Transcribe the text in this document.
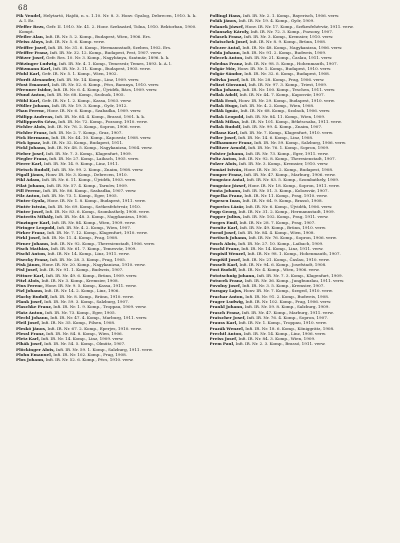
68
Pik Vendel, Helytartó, Hajdú, n. s. 1.10. Nr. 8. 3. Honv. Gyalog, Debrecen, 1910. k. k. A. l. Ez.
Pfeffer Rezs, Gefr. II. 1910. Nr. 41. 2. Honv. Szekszárd, Tolna, 1910. Rektorban, 1900. Kompt.
Pfeiler Alan, Infi. IR. Nr. 5. 2. Komp., Budapest, Wien, 1906. Ers.
Pfeiss Aloys, Infi. IR. Nr. 5. 6. Komp. verw.
Pfeiffer Jozef, Infi. IR. Nr. 31. 6. Komp., Hermannstadt, Szeben, 1902. Ers.
Pfeiffer Franz, Infi. IR. Nr. 32. 12. Komp., Budapest, Pest, 1907. verw.
Pfitzer Josef, Gefr. Res. 10. Nr. 3. Komp., Nagybánya, Szatmár, 1896. k. k.
Pfitzinger Ludwig, Infi. IR. Nr. 4. 1. Komp., Temesvár, Temes, 1893. k. A. l.
Pfitzmann Karl, Infi. IR. Nr. 3. 11. Komp., Budapest, 1905. verw.
Pfohl Karl, Gefr. IR. Nr. 5. 1. Komp., Wien, 1902.
Pfordt Alexander, Infi. IR. Nr. 14. Komp., Linz, 1909. verw.
Pfost Emanuel, Infi. IR. Nr. 52. 6. Komp., Pécs, Baranya, 1910. verw.
Pfreuner Isidor, Infi. IR. Nr. 6. 4. Komp., Újvidék, Bács, 1909. verw.
Pfund Anton, Infi. IR. Nr. 68. Komp., Szolnok, 1905.
Pföhl Karl, Gefr. IR. Nr. 1. 2. Komp., Kassa, 1903. verw.
Pfüller Johann, Infi. IR. Nr. 19. 3. Komp., Győr, 1912.
Phan Ferenc, Honv. IR. Nr. 6. Komp., Szabadka, 1909. verw.
Philipp Andreas, Infi. IR. Nr. 64. 4. Komp., Brassó, 1901. k. k.
Philippovits Géza, Infi. IR. Nr. 72. Komp., Pozsony, 1910. verw.
Pichler Alois, Infi. IR. Nr. 76. 2. Komp., Sopron, 1906. verw.
Pichler Franz, Infi. IR. Nr. 2. 7. Komp., Graz, 1907.
Pick Hermann, Infi. IR. Nr. 44. 10. Komp., Kaposvár, 1908. verw.
Pick Ignaz, Infi. IR. Nr. 32. Komp., Budapest, 1911.
Pickl Johann, Infi. IR. Nr. 48. 5. Komp., Nagykanizsa, 1904. verw.
Pieber Josef, Infi. IR. Nr. 7. 3. Komp., Klagenfurt, 1909.
Piegler Franz, Infi. IR. Nr. 27. Komp., Laibach, 1905. verw.
Pierer Karl, Infi. IR. Nr. 14. 9. Komp., Linz, 1911.
Pietsch Rudolf, Infi. IR. Nr. 99. 2. Komp., Znaim, 1908. verw.
Pigall János, Honv. IR. Nr. 3. Komp., Debrecen, 1910.
Pikl Adam, Infi. IR. Nr. 6. 11. Komp., Újvidék, 1903. verw.
Pilat Johann, Infi. IR. Nr. 57. 4. Komp., Tarnów, 1909.
Pill Ferenc, Infi. IR. Nr. 86. Komp., Szabadka, 1907. verw.
Pilz Anton, Infi. IR. Nr. 73. 1. Komp., Eger, 1905.
Pinter Gyula, Honv. IR. Nr. 1. 8. Komp., Budapest, 1911. verw.
Pintér István, Infi. IR. Nr. 69. Komp., Székesfehérvár, 1910.
Pinter Josef, Infi. IR. Nr. 83. 6. Komp., Szombathely, 1908. verw.
Pinterits Mihály, Infi. IR. Nr. 48. 3. Komp., Nagykanizsa, 1906.
Pinzinger Karl, Infi. IR. Nr. 84. Komp., Wien, 1909. verw.
Piringer Leopold, Infi. IR. Nr. 4. 2. Komp., Wien, 1907.
Pirker Franz, Infi. IR. Nr. 7. 12. Komp., Klagenfurt, 1910. verw.
Pirkl Josef, Infi. IR. Nr. 11. 4. Komp., Prag, 1908.
Pirner Johann, Infi. IR. Nr. 92. Komp., Theresienstadt, 1906. verw.
Pisch Mathias, Infi. IR. Nr. 61. 7. Komp., Temesvár, 1909.
Pischl Anton, Infi. IR. Nr. 14. Komp., Linz, 1911. verw.
Pisecky Franz, Infi. IR. Nr. 28. 3. Komp., Prag, 1905.
Pisk János, Honv. IR. Nr. 20. Komp., Nagykanizsa, 1910. verw.
Pisl Josef, Infi. IR. Nr. 91. 1. Komp., Budweis, 1907.
Pittner Karl, Infi. IR. Nr. 49. 6. Komp., Brünn, 1909. verw.
Pitzl Alois, Infi. IR. Nr. 3. Komp., Kremsier, 1908.
Pius Ferenc, Honv. IR. Nr. 9. 5. Komp., Kassa, 1911. verw.
Pizl Johann, Infi. IR. Nr. 14. 2. Komp., Linz, 1906.
Plachy Rudolf, Infi. IR. Nr. 8. Komp., Brünn, 1910. verw.
Plank Josef, Infi. IR. Nr. 59. 3. Komp., Salzburg, 1907.
Plaschke Franz, Infi. IR. Nr. 1. 9. Komp., Troppau, 1909. verw.
Platz Anton, Infi. IR. Nr. 73. Komp., Eger, 1905.
Plechl Johann, Infi. IR. Nr. 47. 4. Komp., Marburg, 1911. verw.
Pleil Josef, Infi. IR. Nr. 35. Komp., Pilsen, 1908.
Pleskó János, Infi. IR. Nr. 67. 2. Komp., Eperjes, 1910. verw.
Plessl Franz, Infi. IR. Nr. 84. 8. Komp., Wien, 1906.
Pletz Karl, Infi. IR. Nr. 14. Komp., Linz, 1909. verw.
Plhák Josef, Infi. IR. Nr. 54. 5. Komp., Olmütz, 1907.
Plöckinger Alois, Infi. IR. Nr. 59. 1. Komp., Salzburg, 1911. verw.
Plohn Emanuel, Infi. IR. Nr. 102. Komp., Prag, 1908.
Plos Johann, Infi. IR. Nr. 52. 6. Komp., Pécs, 1910. verw.
Pollingl Hans, Infi. IR. Nr. 2. 1. Komp., Bayerisch, 1906. verw.
Polák János, Infi. IR. Nr. 19. 4. Komp., Győr, 1909.
Polanek József, Honv. IR. Nr. 17. Komp., Székesfehérvár, 1911. verw.
Polanszky Károly, Infi. IR. Nr. 72. 3. Komp., Pozsony, 1907.
Polasek Franz, Infi. IR. Nr. 3. Komp., Kremsier, 1910. verw.
Polatschek Josef, Infi. IR. Nr. 8. 9. Komp., Brünn, 1908.
Polczer Antal, Infi. IR. Nr. 48. Komp., Nagykanizsa, 1906. verw.
Polda Johann, Infi. IR. Nr. 91. 2. Komp., Budweis, 1909.
Polecek Anton, Infi. IR. Nr. 21. Komp., Časlau, 1911. verw.
Poledna Franz, Infi. IR. Nr. 98. 5. Komp., Hohenmauth, 1907.
Polgár Mór, Honv. IR. Nr. 1. Komp., Budapest, 1910. verw.
Polgár Sándor, Infi. IR. Nr. 32. 6. Komp., Budapest, 1908.
Polivka Josef, Infi. IR. Nr. 28. Komp., Prag, 1906. verw.
Polizzi Giovanni, Infi. IR. Nr. 97. 3. Komp., Triest, 1909.
Polka Johann, Infi. IR. Nr. 100. Komp., Teschen, 1911. verw.
Pollak Adolf, Infi. IR. Nr. 44. 7. Komp., Kaposvár, 1907.
Pollák Ernő, Honv. IR. Nr. 29. Komp., Budapest, 1910. verw.
Pollak Hugo, Infi. IR. Nr. 4. 2. Komp., Wien, 1908.
Pollák Ignác, Infi. IR. Nr. 68. Komp., Szolnok, 1906. verw.
Pollak Leopold, Infi. IR. Nr. 84. 11. Komp., Wien, 1909.
Pollák Miksa, Infi. IR. Nr. 101. Komp., Békéscsaba, 1911. verw.
Pollak Rudolf, Infi. IR. Nr. 99. 4. Komp., Znaim, 1907.
Pollanz Karl, Infi. IR. Nr. 7. Komp., Klagenfurt, 1910. verw.
Poller Josef, Infi. IR. Nr. 14. 6. Komp., Linz, 1908.
Pollhammer Franz, Infi. IR. Nr. 59. Komp., Salzburg, 1906. verw.
Pollitzer Arnold, Infi. IR. Nr. 76. 1. Komp., Sopron, 1909.
Polster Johann, Infi. IR. Nr. 73. Komp., Eger, 1911. verw.
Poltz Anton, Infi. IR. Nr. 92. 8. Komp., Theresienstadt, 1907.
Polzer Alois, Infi. IR. Nr. 3. Komp., Kremsier, 1910. verw.
Pomázi István, Honv. IR. Nr. 30. 2. Komp., Budapest, 1908.
Pomper Franz, Infi. IR. Nr. 47. Komp., Marburg, 1906. verw.
Pongrácz Antal, Infi. IR. Nr. 83. 5. Komp., Szombathely, 1909.
Pongrácz József, Honv. IR. Nr. 18. Komp., Sopron, 1911. verw.
Ponta Johann, Infi. IR. Nr. 51. 3. Komp., Kolozsvár, 1907.
Popelka Franz, Infi. IR. Nr. 11. Komp., Prag, 1910. verw.
Popescu Ioan, Infi. IR. Nr. 64. 9. Komp., Brassó, 1908.
Popovics Lázár, Infi. IR. Nr. 6. Komp., Újvidék, 1906. verw.
Popp Georg, Infi. IR. Nr. 31. 2. Komp., Hermannstadt, 1909.
Popper Julius, Infi. IR. Nr. 102. Komp., Prag, 1911. verw.
Porges Emil, Infi. IR. Nr. 28. 7. Komp., Prag, 1907.
Pornitz Karl, Infi. IR. Nr. 49. Komp., Brünn, 1910. verw.
Porod Josef, Infi. IR. Nr. 84. 4. Komp., Wien, 1908.
Portisch Johann, Infi. IR. Nr. 76. Komp., Sopron, 1906. verw.
Posch Alois, Infi. IR. Nr. 27. 10. Komp., Laibach, 1909.
Poschl Franz, Infi. IR. Nr. 14. Komp., Linz, 1911. verw.
Pospisil Wenzel, Infi. IR. Nr. 98. 1. Komp., Hohenmauth, 1907.
Pospíšil Josef, Infi. IR. Nr. 21. Komp., Časlau, 1910. verw.
Posselt Karl, Infi. IR. Nr. 94. 6. Komp., Josefstadt, 1908.
Post Rudolf, Infi. IR. Nr. 4. Komp., Wien, 1906. verw.
Pototschnig Johann, Infi. IR. Nr. 7. 3. Komp., Klagenfurt, 1909.
Potucek Franz, Infi. IR. Nr. 36. Komp., Jungbunzlau, 1911. verw.
Povolny Josef, Infi. IR. Nr. 3. 5. Komp., Kremsier, 1907.
Pozsgay Lajos, Honv. IR. Nr. 7. Komp., Szeged, 1910. verw.
Prachar Anton, Infi. IR. Nr. 91. 2. Komp., Budweis, 1908.
Prager Ludwig, Infi. IR. Nr. 102. Komp., Prag, 1906. verw.
Prankl Johann, Infi. IR. Nr. 59. 8. Komp., Salzburg, 1909.
Prasch Franz, Infi. IR. Nr. 47. Komp., Marburg, 1911. verw.
Pratscher Josef, Infi. IR. Nr. 76. 4. Komp., Sopron, 1907.
Prauss Karl, Infi. IR. Nr. 1. Komp., Troppau, 1910. verw.
Prazák Wenzel, Infi. IR. Nr. 18. 6. Komp., Königgrätz, 1908.
Prechtl Anton, Infi. IR. Nr. 14. Komp., Linz, 1906. verw.
Preiss Josef, Infi. IR. Nr. 84. 3. Komp., Wien, 1909.
Prem Paul, Infi. IR. Nr. 2. 3. Komp., Brassó, 1911. verw.
